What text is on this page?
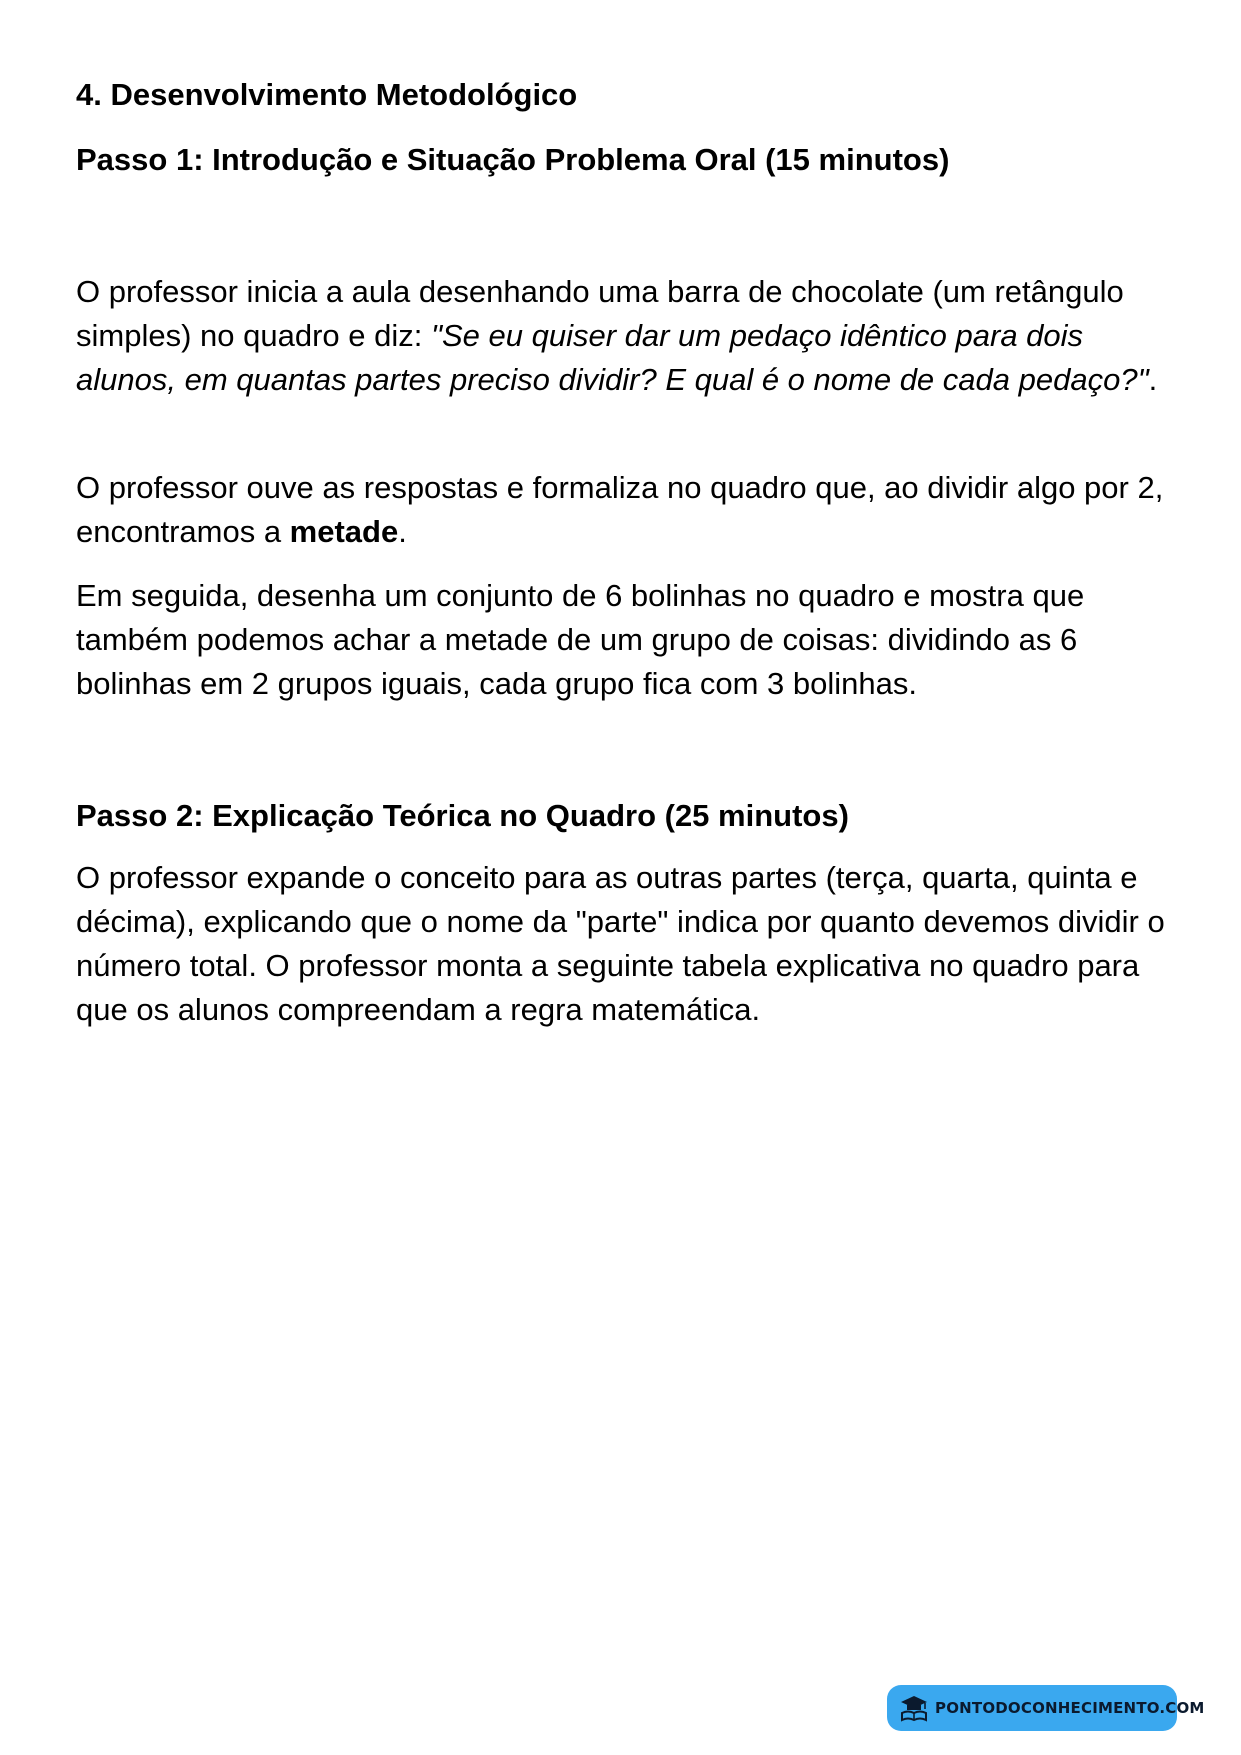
4. Desenvolvimento Metodológico
Passo 1: Introdução e Situação Problema Oral (15 minutos)

O professor inicia a aula desenhando uma barra de chocolate (um retângulo simples) no quadro e diz: "Se eu quiser dar um pedaço idêntico para dois alunos, em quantas partes preciso dividir? E qual é o nome de cada pedaço?".

O professor ouve as respostas e formaliza no quadro que, ao dividir algo por 2, encontramos a metade.

Em seguida, desenha um conjunto de 6 bolinhas no quadro e mostra que também podemos achar a metade de um grupo de coisas: dividindo as 6 bolinhas em 2 grupos iguais, cada grupo fica com 3 bolinhas.

Passo 2: Explicação Teórica no Quadro (25 minutos)

O professor expande o conceito para as outras partes (terça, quarta, quinta e décima), explicando que o nome da "parte" indica por quanto devemos dividir o número total. O professor monta a seguinte tabela explicativa no quadro para que os alunos compreendam a regra matemática.

PONTODOCONHECIMENTO.COM
